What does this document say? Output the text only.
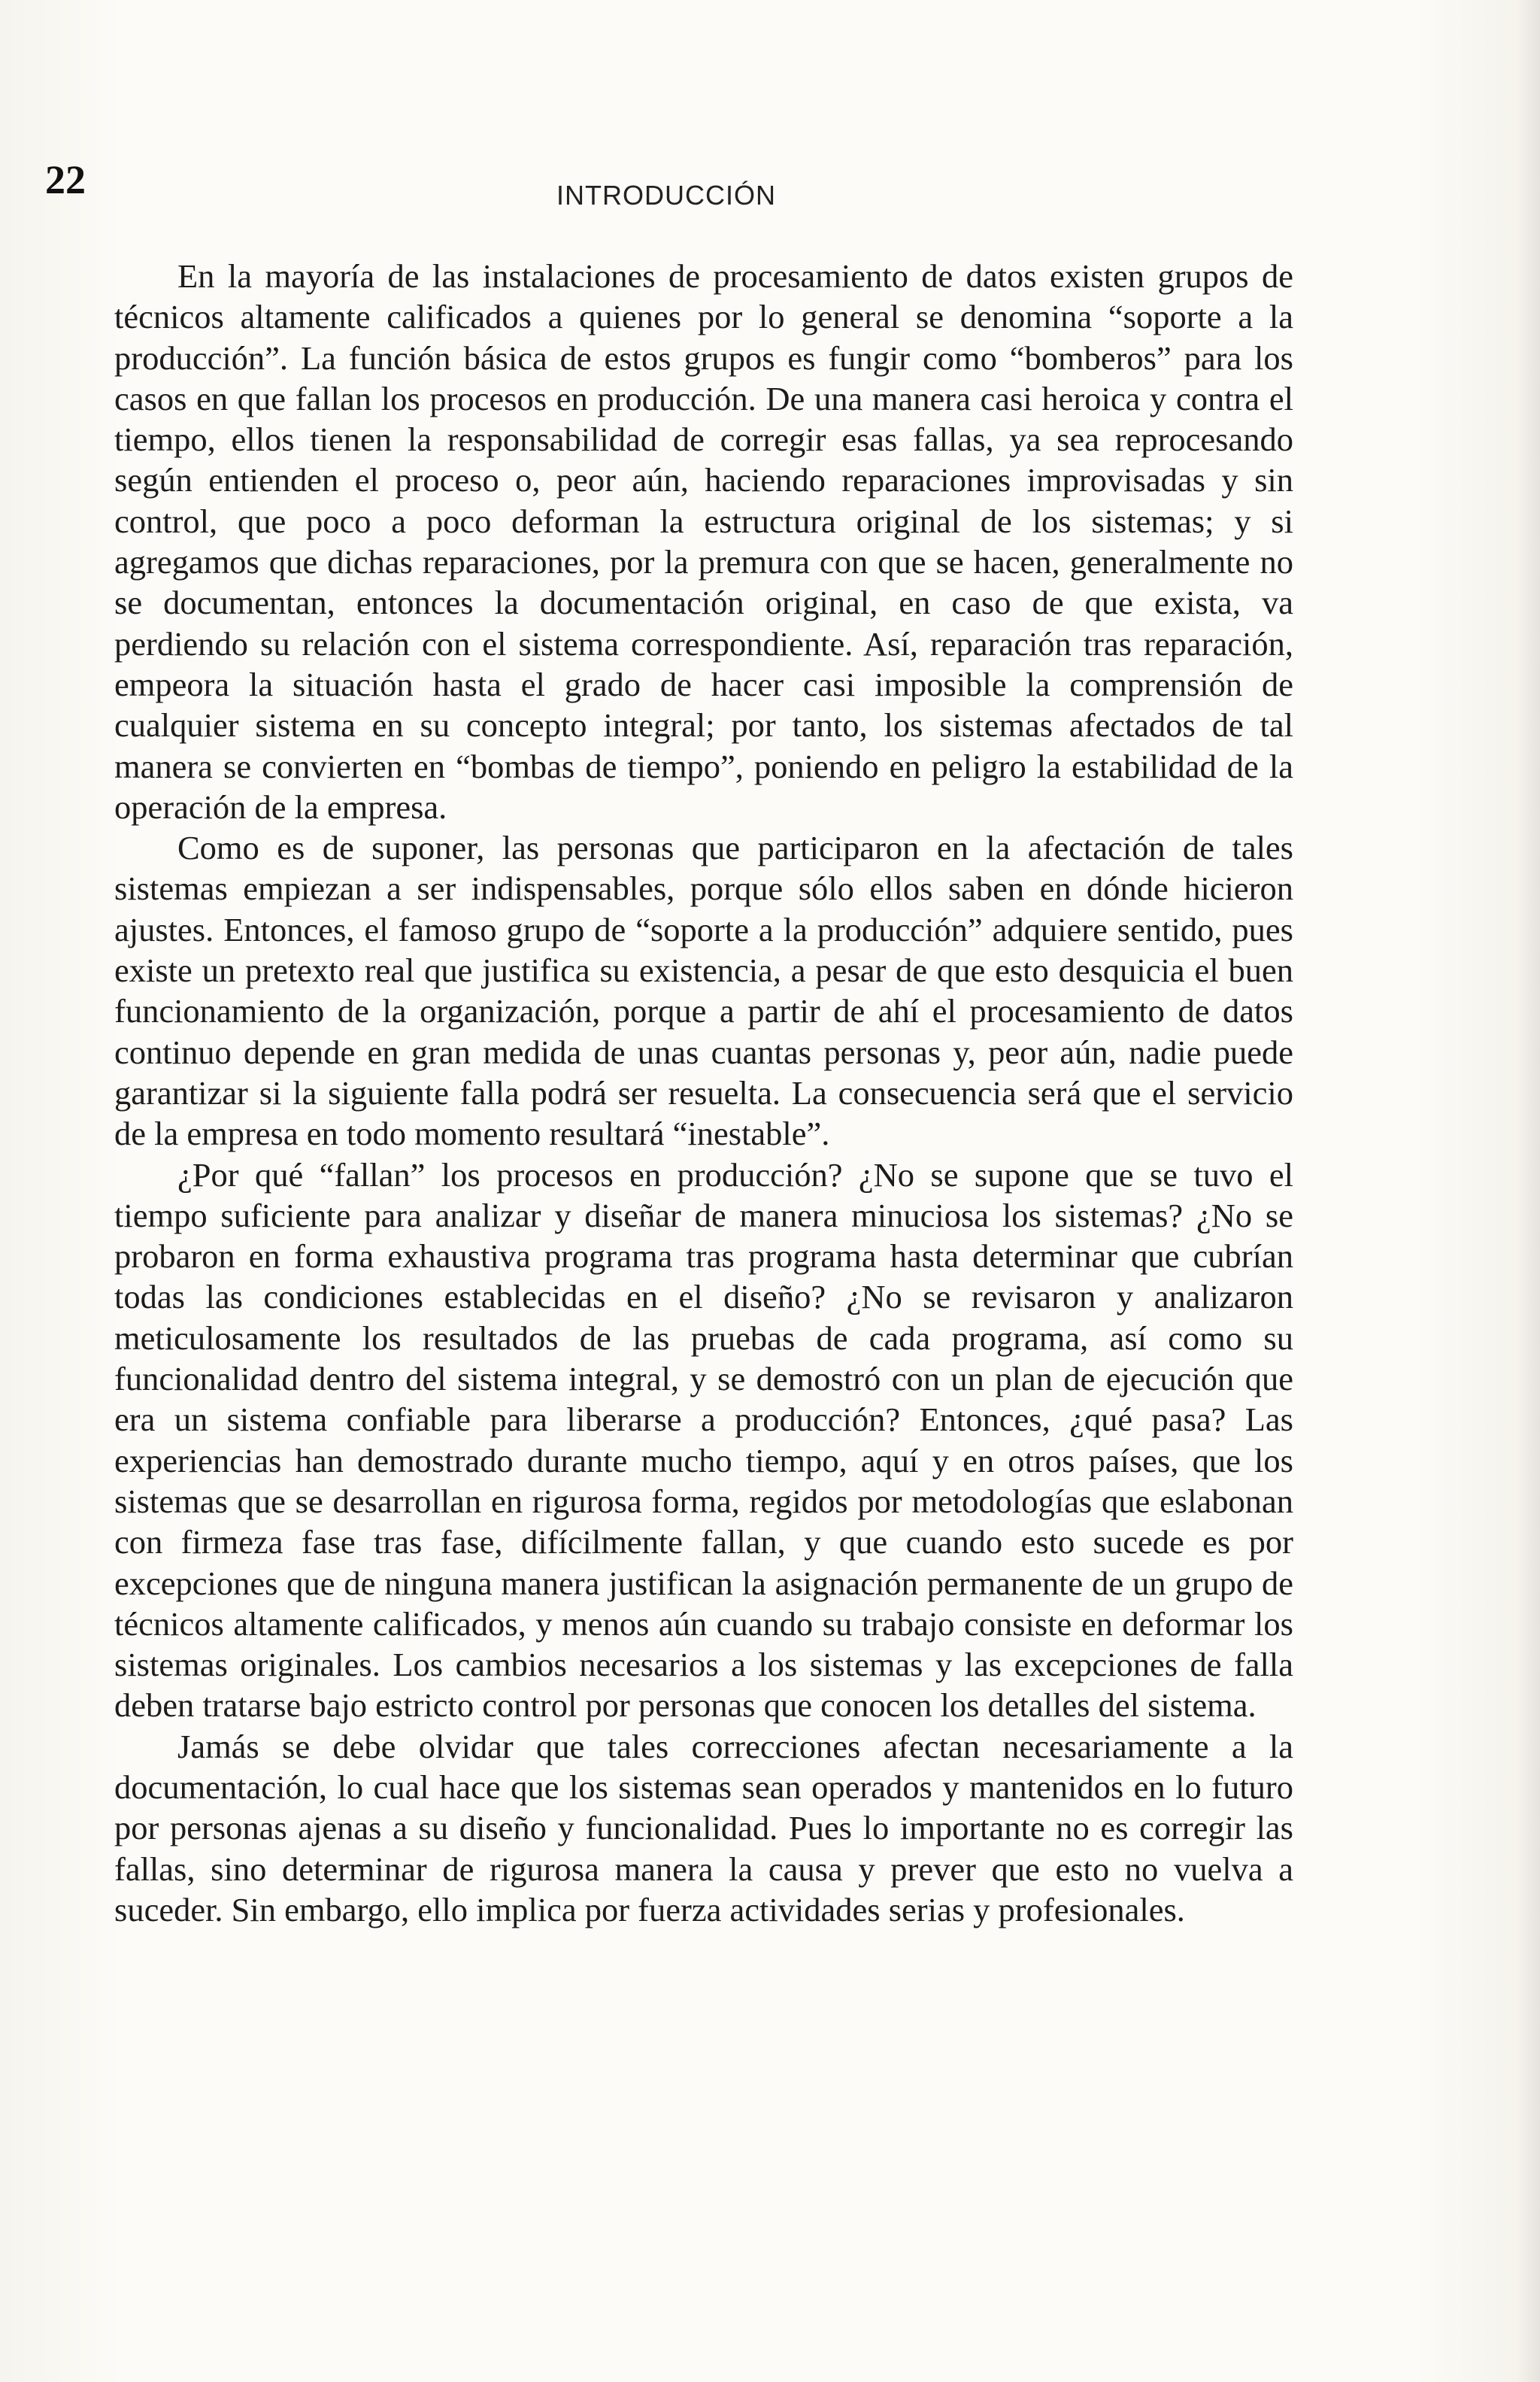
22	INTRODUCCIÓN

En la mayoría de las instalaciones de procesamiento de datos existen grupos de técnicos altamente calificados a quienes por lo general se denomina “soporte a la producción”. La función básica de estos grupos es fungir como “bomberos” para los casos en que fallan los procesos en producción. De una manera casi heroica y contra el tiempo, ellos tienen la responsabilidad de corregir esas fallas, ya sea reprocesando según entienden el proceso o, peor aún, haciendo reparaciones improvisadas y sin control, que poco a poco deforman la estructura original de los sistemas; y si agregamos que dichas reparaciones, por la premura con que se hacen, generalmente no se documentan, entonces la documentación original, en caso de que exista, va perdiendo su relación con el sistema correspondiente. Así, reparación tras reparación, empeora la situación hasta el grado de hacer casi imposible la comprensión de cualquier sistema en su concepto integral; por tanto, los sistemas afectados de tal manera se convierten en “bombas de tiempo”, poniendo en peligro la estabilidad de la operación de la empresa.

Como es de suponer, las personas que participaron en la afectación de tales sistemas empiezan a ser indispensables, porque sólo ellos saben en dónde hicieron ajustes. Entonces, el famoso grupo de “soporte a la producción” adquiere sentido, pues existe un pretexto real que justifica su existencia, a pesar de que esto desquicia el buen funcionamiento de la organización, porque a partir de ahí el procesamiento de datos continuo depende en gran medida de unas cuantas personas y, peor aún, nadie puede garantizar si la siguiente falla podrá ser resuelta. La consecuencia será que el servicio de la empresa en todo momento resultará “inestable”.

¿Por qué “fallan” los procesos en producción? ¿No se supone que se tuvo el tiempo suficiente para analizar y diseñar de manera minuciosa los sistemas? ¿No se probaron en forma exhaustiva programa tras programa hasta determinar que cubrían todas las condiciones establecidas en el diseño? ¿No se revisaron y analizaron meticulosamente los resultados de las pruebas de cada programa, así como su funcionalidad dentro del sistema integral, y se demostró con un plan de ejecución que era un sistema confiable para liberarse a producción? Entonces, ¿qué pasa? Las experiencias han demostrado durante mucho tiempo, aquí y en otros países, que los sistemas que se desarrollan en rigurosa forma, regidos por metodologías que eslabonan con firmeza fase tras fase, difícilmente fallan, y que cuando esto sucede es por excepciones que de ninguna manera justifican la asignación permanente de un grupo de técnicos altamente calificados, y menos aún cuando su trabajo consiste en deformar los sistemas originales. Los cambios necesarios a los sistemas y las excepciones de falla deben tratarse bajo estricto control por personas que conocen los detalles del sistema.

Jamás se debe olvidar que tales correcciones afectan necesariamente a la documentación, lo cual hace que los sistemas sean operados y mantenidos en lo futuro por personas ajenas a su diseño y funcionalidad. Pues lo importante no es corregir las fallas, sino determinar de rigurosa manera la causa y prever que esto no vuelva a suceder. Sin embargo, ello implica por fuerza actividades serias y profesionales.
